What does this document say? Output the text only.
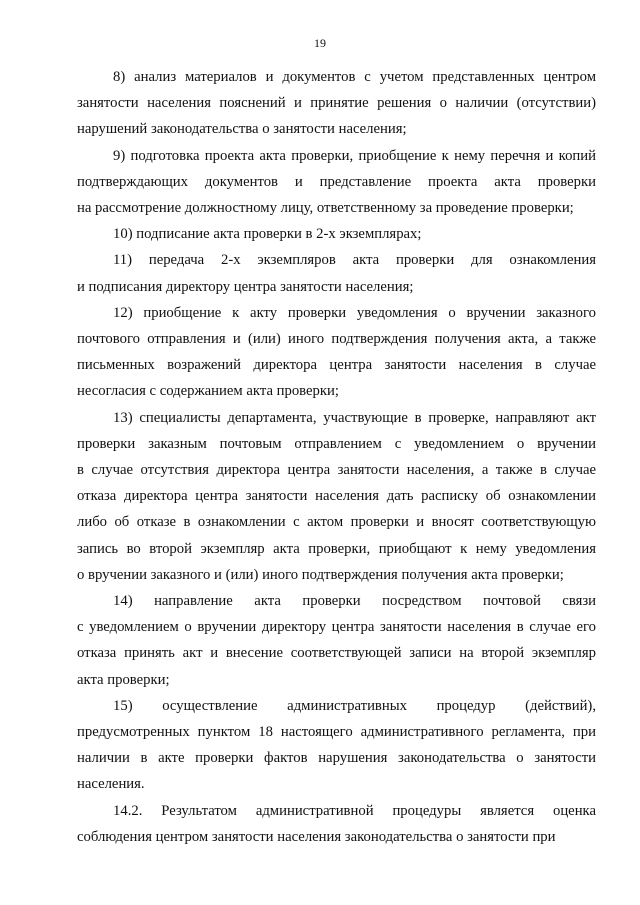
19

8) анализ материалов и документов с учетом представленных центром
занятости населения пояснений и принятие решения о наличии (отсутствии)
нарушений законодательства о занятости населения;

9) подготовка проекта акта проверки, приобщение к нему перечня и копий
подтверждающих документов и представление проекта акта проверки
на рассмотрение должностному лицу, ответственному за проведение проверки;

10) подписание акта проверки в 2-х экземплярах;

11) передача 2-х экземпляров акта проверки для ознакомления
и подписания директору центра занятости населения;

12) приобщение к акту проверки уведомления о вручении заказного
почтового отправления и (или) иного подтверждения получения акта, а также
письменных возражений директора центра занятости населения в случае
несогласия с содержанием акта проверки;

13) специалисты департамента, участвующие в проверке, направляют акт
проверки заказным почтовым отправлением с уведомлением о вручении
в случае отсутствия директора центра занятости населения, а также в случае
отказа директора центра занятости населения дать расписку об ознакомлении
либо об отказе в ознакомлении с актом проверки и вносят соответствующую
запись во второй экземпляр акта проверки, приобщают к нему уведомления
о вручении заказного и (или) иного подтверждения получения акта проверки;

14) направление акта проверки посредством почтовой связи
с уведомлением о вручении директору центра занятости населения в случае его
отказа принять акт и внесение соответствующей записи на второй экземпляр
акта проверки;

15) осуществление административных процедур (действий),
предусмотренных пунктом 18 настоящего административного регламента, при
наличии в акте проверки фактов нарушения законодательства о занятости
населения.

14.2. Результатом административной процедуры является оценка
соблюдения центром занятости населения законодательства о занятости при
